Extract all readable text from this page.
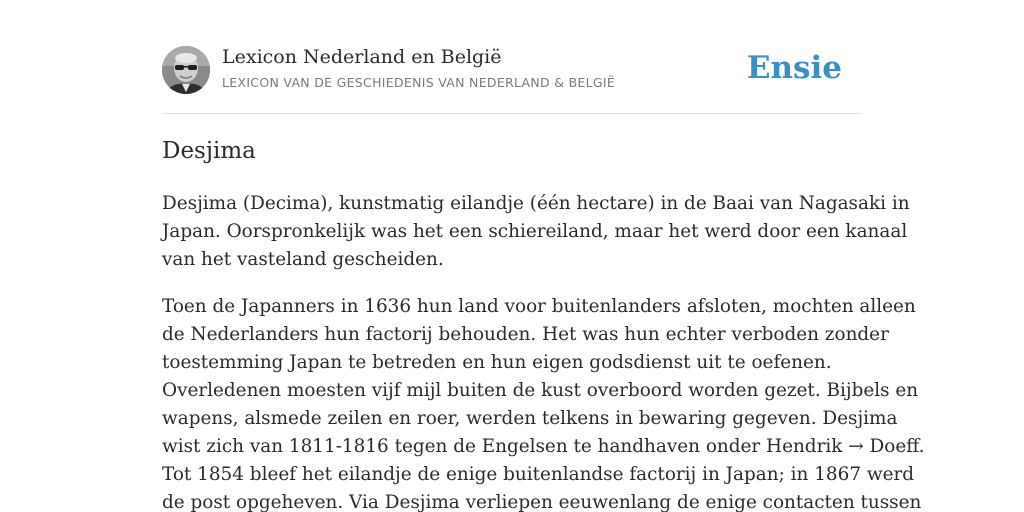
Lexicon Nederland en België
LEXICON VAN DE GESCHIEDENIS VAN NEDERLAND & BELGIË	Ensie
Desjima

Desjima (Decima), kunstmatig eilandje (één hectare) in de Baai van Nagasaki in
Japan. Oorspronkelijk was het een schiereiland, maar het werd door een kanaal
van het vasteland gescheiden.

Toen de Japanners in 1636 hun land voor buitenlanders afsloten, mochten alleen
de Nederlanders hun factorij behouden. Het was hun echter verboden zonder
toestemming Japan te betreden en hun eigen godsdienst uit te oefenen.
Overledenen moesten vijf mijl buiten de kust overboord worden gezet. Bijbels en
wapens, alsmede zeilen en roer, werden telkens in bewaring gegeven. Desjima
wist zich van 1811-1816 tegen de Engelsen te handhaven onder Hendrik → Doeff.
Tot 1854 bleef het eilandje de enige buitenlandse factorij in Japan; in 1867 werd
de post opgeheven. Via Desjima verliepen eeuwenlang de enige contacten tussen
